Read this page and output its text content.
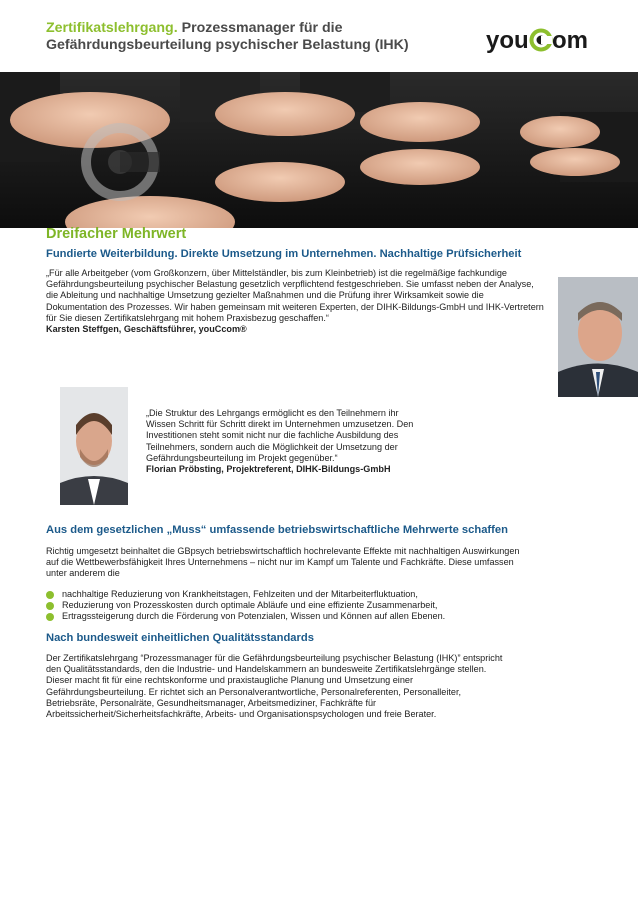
Zertifikatslehrgang. Prozessmanager für die Gefährdungsbeurteilung psychischer Belastung (IHK)	you om
Dreifacher Mehrwert
Fundierte Weiterbildung. Direkte Umsetzung im Unternehmen. Nachhaltige Prüfsicherheit
„Für alle Arbeitgeber (vom Großkonzern, über Mittelständler, bis zum Kleinbetrieb) ist die regelmäßige fachkundige Gefährdungsbeurteilung psychischer Belastung gesetzlich verpflichtend festgeschrieben. Sie umfasst neben der Analyse, die Ableitung und nachhaltige Umsetzung gezielter Maßnahmen und die Prüfung ihrer Wirksamkeit sowie die Dokumentation des Prozesses. Wir haben gemeinsam mit weiteren Experten, der DIHK-Bildungs-GmbH und IHK-Vertretern für Sie diesen Zertifikatslehrgang mit hohem Praxisbezug geschaffen.“
Karsten Steffgen, Geschäftsführer, youCcom®
„Die Struktur des Lehrgangs ermöglicht es den Teilnehmern ihr Wissen Schritt für Schritt direkt im Unternehmen umzusetzen. Den Investitionen steht somit nicht nur die fachliche Ausbildung des Teilnehmers, sondern auch die Möglichkeit der Umsetzung der Gefährdungsbeurteilung im Projekt gegenüber.“
Florian Pröbsting, Projektreferent, DIHK-Bildungs-GmbH
Aus dem gesetzlichen „Muss“ umfassende betriebswirtschaftliche Mehrwerte schaffen
Richtig umgesetzt beinhaltet die GBpsych betriebswirtschaftlich hochrelevante Effekte mit nachhaltigen Auswirkungen auf die Wettbewerbsfähigkeit Ihres Unternehmens – nicht nur im Kampf um Talente und Fachkräfte. Diese umfassen unter anderem die
nachhaltige Reduzierung von Krankheitstagen, Fehlzeiten und der Mitarbeiterfluktuation,
Reduzierung von Prozesskosten durch optimale Abläufe und eine effiziente Zusammenarbeit,
Ertragssteigerung durch die Förderung von Potenzialen, Wissen und Können auf allen Ebenen.
Nach bundesweit einheitlichen Qualitätsstandards
Der Zertifikatslehrgang “Prozessmanager für die Gefährdungsbeurteilung psychischer Belastung (IHK)” entspricht den Qualitätsstandards, den die Industrie- und Handelskammern an bundesweite Zertifikatslehrgänge stellen. Dieser macht fit für eine rechtskonforme und praxistaugliche Planung und Umsetzung einer Gefährdungsbeurteilung. Er richtet sich an Personalverantwortliche, Personalreferenten, Personalleiter, Betriebsräte, Personalräte, Gesundheitsmanager, Arbeitsmediziner, Fachkräfte für Arbeitssicherheit/Sicherheitsfachkräfte, Arbeits- und Organisationspsychologen und freie Berater.
